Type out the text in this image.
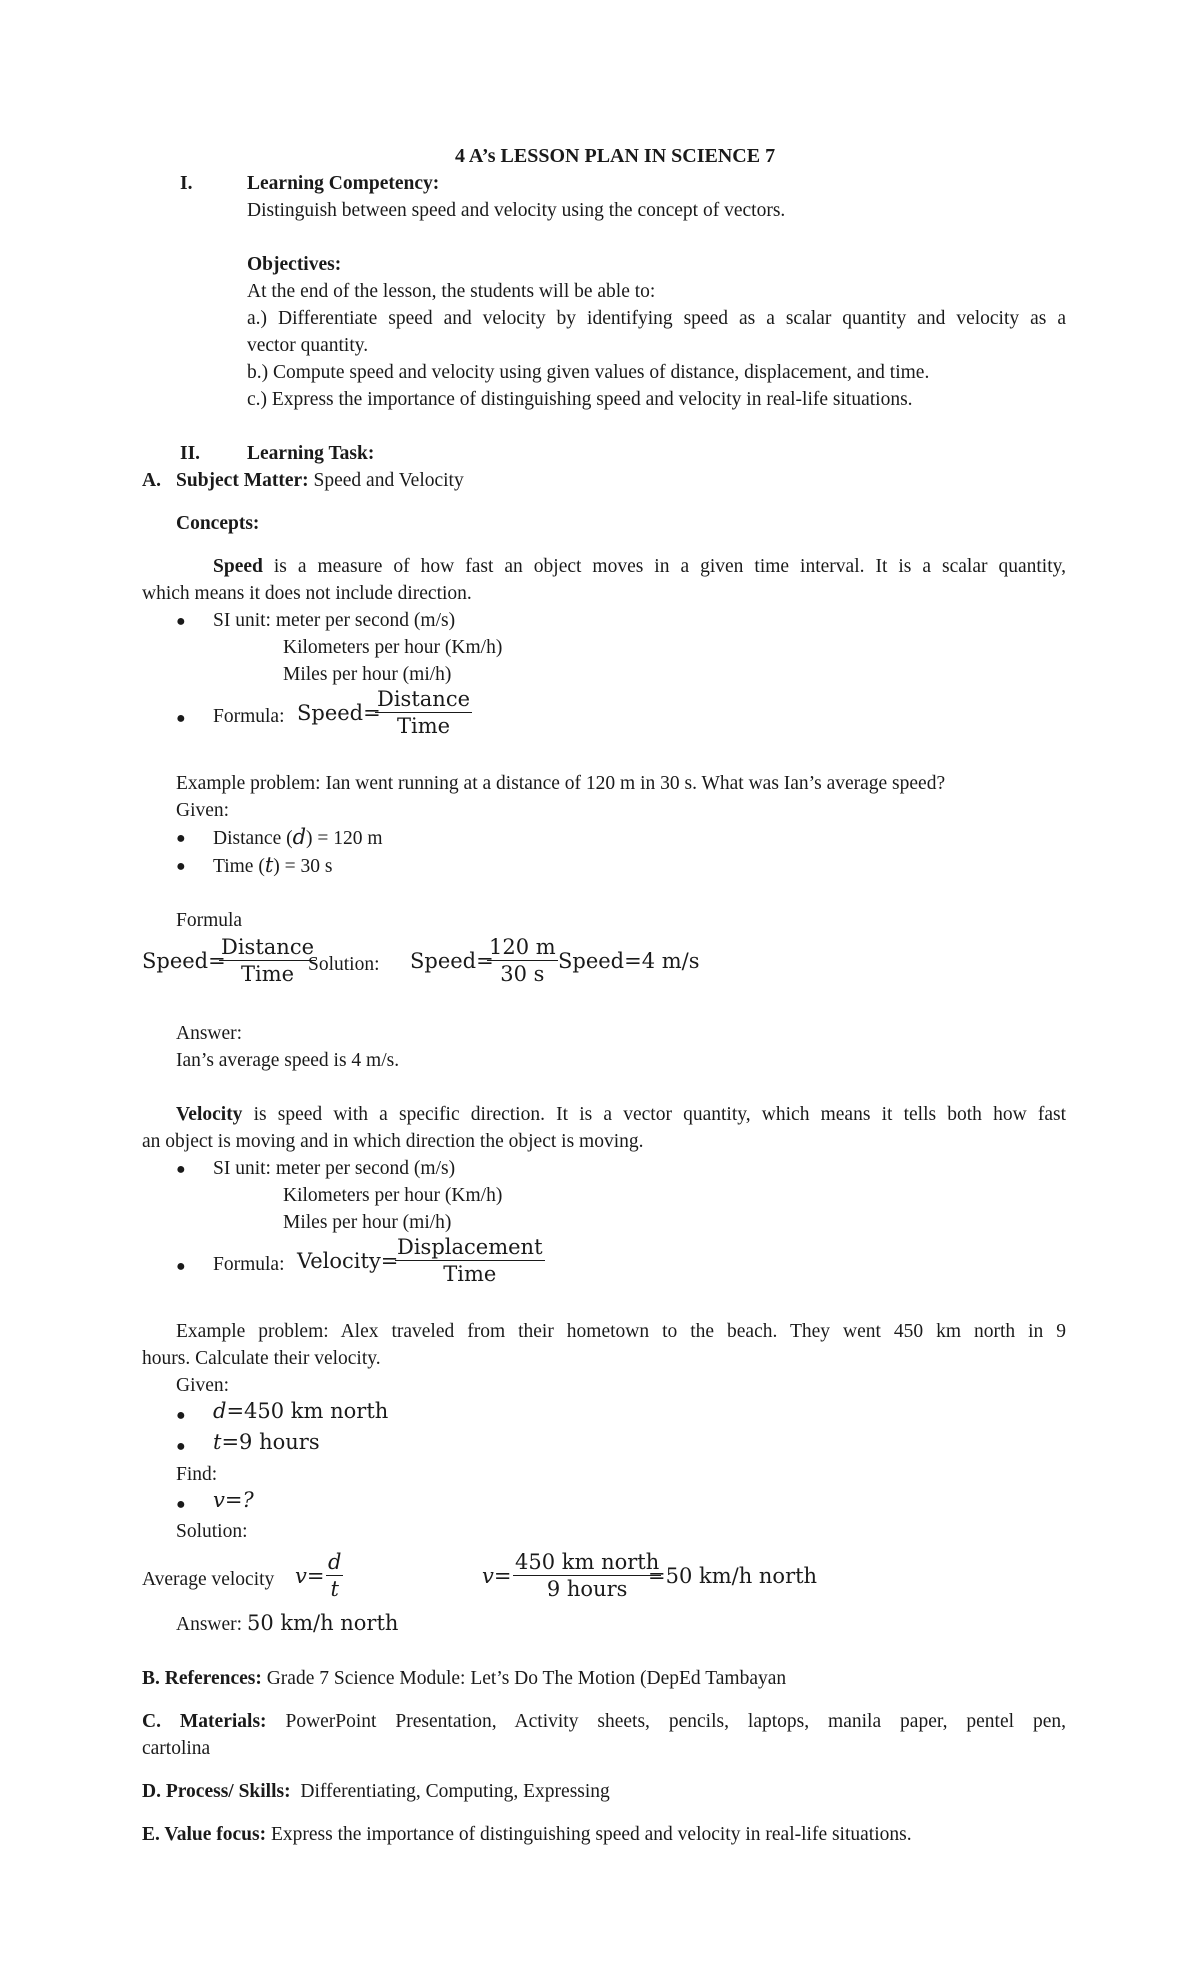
4 A’s LESSON PLAN IN SCIENCE 7
I.	Learning Competency:
Distinguish between speed and velocity using the concept of vectors.
Objectives:
At the end of the lesson, the students will be able to:
a.) Differentiate speed and velocity by identifying speed as a scalar quantity and velocity as a
vector quantity.
b.) Compute speed and velocity using given values of distance, displacement, and time.
c.) Express the importance of distinguishing speed and velocity in real-life situations.
II. Learning Task:
A. Subject Matter: Speed and Velocity
Concepts:
Speed is a measure of how fast an object moves in a given time interval. It is a scalar quantity,
which means it does not include direction.
● SI unit: meter per second (m/s)
Kilometers per hour (Km/h)
Miles per hour (mi/h)
● Formula: Speed=
Distance
Time
Example problem: Ian went running at a distance of 120 m in 30 s. What was Ian’s average speed?
Given:
● Distance (d) = 120 m
● Time (t) = 30 s
Formula
Speed=
Distance
Time Solution: Speed=
$\frac{120 m}{30 s}$ Speed=4 m/s
Answer:
Ian’s average speed is 4 m/s.
Velocity is speed with a specific direction. It is a vector quantity, which means it tells both how fast
an object is moving and in which direction the object is moving.
● SI unit: meter per second (m/s)
Kilometers per hour (Km/h)
Miles per hour (mi/h)
● Formula: Velocity=
Displacement
Time
Example problem: Alex traveled from their hometown to the beach. They went 450 km north in 9
hours. Calculate their velocity.
Given:
● d=450 km north
● t=9 hours
Find:
● v=?
Solution:
Average velocity $v= \frac{d}{t}$	v=
450 km north
9 hours
=50 km/h north
Answer: 50 km/h north
B. References: Grade 7 Science Module: Let’s Do The Motion (DepEd Tambayan
C. Materials: PowerPoint Presentation, Activity sheets, pencils, laptops, manila paper, pentel pen,
cartolina
D. Process/ Skills:  Differentiating, Computing, Expressing
E. Value focus: Express the importance of distinguishing speed and velocity in real-life situations.
